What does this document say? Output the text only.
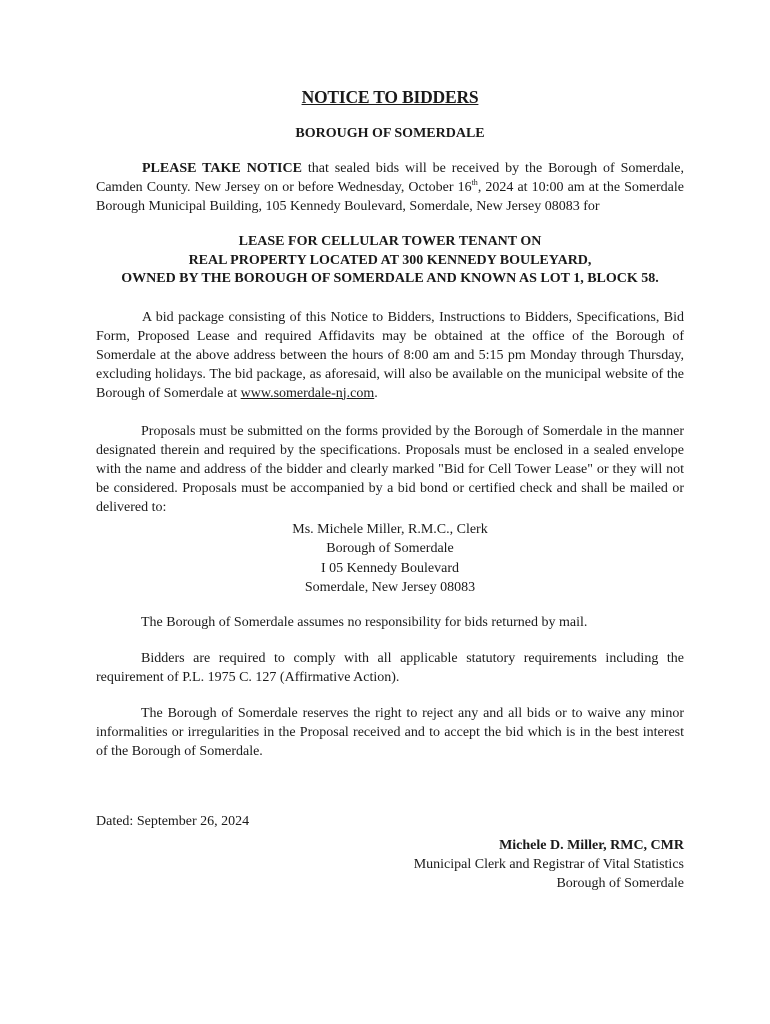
NOTICE TO BIDDERS
BOROUGH OF SOMERDALE

PLEASE TAKE NOTICE that sealed bids will be received by the Borough of Somerdale, Camden County. New Jersey on or before Wednesday, October 16th, 2024 at 10:00 am at the Somerdale Borough Municipal Building, 105 Kennedy Boulevard, Somerdale, New Jersey 08083 for

LEASE FOR CELLULAR TOWER TENANT ON
REAL PROPERTY LOCATED AT 300 KENNEDY BOULEYARD,
OWNED BY THE BOROUGH OF SOMERDALE AND KNOWN AS LOT 1, BLOCK 58.

A bid package consisting of this Notice to Bidders, Instructions to Bidders, Specifications, Bid Form, Proposed Lease and required Affidavits may be obtained at the office of the Borough of Somerdale at the above address between the hours of 8:00 am and 5:15 pm Monday through Thursday, excluding holidays. The bid package, as aforesaid, will also be available on the municipal website of the Borough of Somerdale at www.somerdale-nj.com.

Proposals must be submitted on the forms provided by the Borough of Somerdale in the manner designated therein and required by the specifications. Proposals must be enclosed in a sealed envelope with the name and address of the bidder and clearly marked "Bid for Cell Tower Lease" or they will not be considered. Proposals must be accompanied by a bid bond or certified check and shall be mailed or delivered to:

Ms. Michele Miller, R.M.C., Clerk
Borough of Somerdale
I 05 Kennedy Boulevard
Somerdale, New Jersey 08083

The Borough of Somerdale assumes no responsibility for bids returned by mail.

Bidders are required to comply with all applicable statutory requirements including the requirement of P.L. 1975 C. 127 (Affirmative Action).

The Borough of Somerdale reserves the right to reject any and all bids or to waive any minor informalities or irregularities in the Proposal received and to accept the bid which is in the best interest of the Borough of Somerdale.

Dated: September 26, 2024
Michele D. Miller, RMC, CMR
Municipal Clerk and Registrar of Vital Statistics
Borough of Somerdale
